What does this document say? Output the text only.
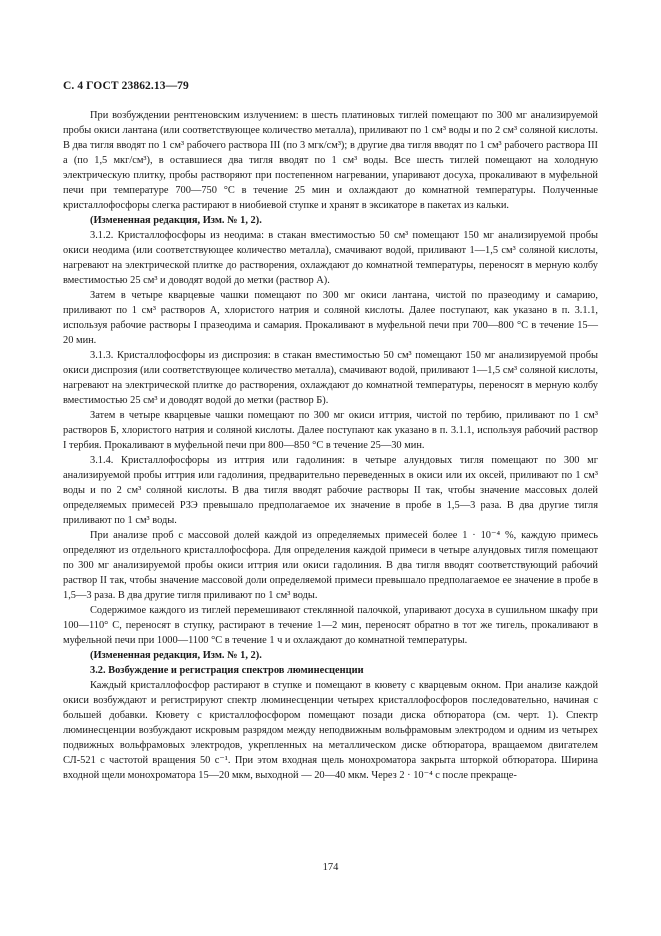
С. 4 ГОСТ 23862.13—79

При возбуждении рентгеновским излучением: в шесть платиновых тиглей помещают по 300 мг анализируемой пробы окиси лантана (или соответствующее количество металла), приливают по 1 см³ воды и по 2 см³ соляной кислоты. В два тигля вводят по 1 см³ рабочего раствора III (по 3 мгк/см³); в другие два тигля вводят по 1 см³ рабочего раствора III а (по 1,5 мкг/см³), в оставшиеся два тигля вводят по 1 см³ воды. Все шесть тиглей помещают на холодную электрическую плитку, пробы растворяют при постепенном нагревании, упаривают досуха, прокаливают в муфельной печи при температуре 700—750 °С в течение 25 мин и охлаждают до комнатной температуры. Полученные кристаллофосфоры слегка растирают в ниобиевой ступке и хранят в эксикаторе в пакетах из кальки.

(Измененная редакция, Изм. № 1, 2).

3.1.2. Кристаллофосфоры из неодима: в стакан вместимостью 50 см³ помещают 150 мг анализируемой пробы окиси неодима (или соответствующее количество металла), смачивают водой, приливают 1—1,5 см³ соляной кислоты, нагревают на электрической плитке до растворения, охлаждают до комнатной температуры, переносят в мерную колбу вместимостью 25 см³ и доводят водой до метки (раствор А).

Затем в четыре кварцевые чашки помещают по 300 мг окиси лантана, чистой по празеодиму и самарию, приливают по 1 см³ растворов А, хлористого натрия и соляной кислоты. Далее поступают, как указано в п. 3.1.1, используя рабочие растворы I празеодима и самария. Прокаливают в муфельной печи при 700—800 °С в течение 15—20 мин.

3.1.3. Кристаллофосфоры из диспрозия: в стакан вместимостью 50 см³ помещают 150 мг анализируемой пробы окиси диспрозия (или соответствующее количество металла), смачивают водой, приливают 1—1,5 см³ соляной кислоты, нагревают на электрической плитке до растворения, охлаждают до комнатной температуры, переносят в мерную колбу вместимостью 25 см³ и доводят водой до метки (раствор Б).

Затем в четыре кварцевые чашки помещают по 300 мг окиси иттрия, чистой по тербию, приливают по 1 см³ растворов Б, хлористого натрия и соляной кислоты. Далее поступают как указано в п. 3.1.1, используя рабочий раствор I тербия. Прокаливают в муфельной печи при 800—850 °С в течение 25—30 мин.

3.1.4. Кристаллофосфоры из иттрия или гадолиния: в четыре алундовых тигля помещают по 300 мг анализируемой пробы иттрия или гадолиния, предварительно переведенных в окиси или их оксей, приливают по 1 см³ воды и по 2 см³ соляной кислоты. В два тигля вводят рабочие растворы II так, чтобы значение массовых долей определяемых примесей РЗЭ превышало предполагаемое их значение в пробе в 1,5—3 раза. В два другие тигля приливают по 1 см³ воды.

При анализе проб с массовой долей каждой из определяемых примесей более 1 · 10⁻⁴ %, каждую примесь определяют из отдельного кристаллофосфора. Для определения каждой примеси в четыре алундовых тигля помещают по 300 мг анализируемой пробы окиси иттрия или окиси гадолиния. В два тигля вводят соответствующий рабочий раствор II так, чтобы значение массовой доли определяемой примеси превышало предполагаемое ее значение в пробе в 1,5—3 раза. В два другие тигля приливают по 1 см³ воды.

Содержимое каждого из тиглей перемешивают стеклянной палочкой, упаривают досуха в сушильном шкафу при 100—110° С, переносят в ступку, растирают в течение 1—2 мин, переносят обратно в тот же тигель, прокаливают в муфельной печи при 1000—1100 °С в течение 1 ч и охлаждают до комнатной температуры.

(Измененная редакция, Изм. № 1, 2).

3.2. Возбуждение и регистрация спектров люминесценции

Каждый кристаллофосфор растирают в ступке и помещают в кювету с кварцевым окном. При анализе каждой окиси возбуждают и регистрируют спектр люминесценции четырех кристаллофосфоров последовательно, начиная с большей добавки. Кювету с кристаллофосфором помещают позади диска обтюратора (см. черт. 1). Спектр люминесценции возбуждают искровым разрядом между неподвижным вольфрамовым электродом и одним из четырех подвижных вольфрамовых электродов, укрепленных на металлическом диске обтюратора, вращаемом двигателем СЛ-521 с частотой вращения 50 с⁻¹. При этом входная щель монохроматора закрыта шторкой обтюратора. Ширина входной щели монохроматора 15—20 мкм, выходной — 20—40 мкм. Через 2 · 10⁻⁴ с после прекраще-

174
